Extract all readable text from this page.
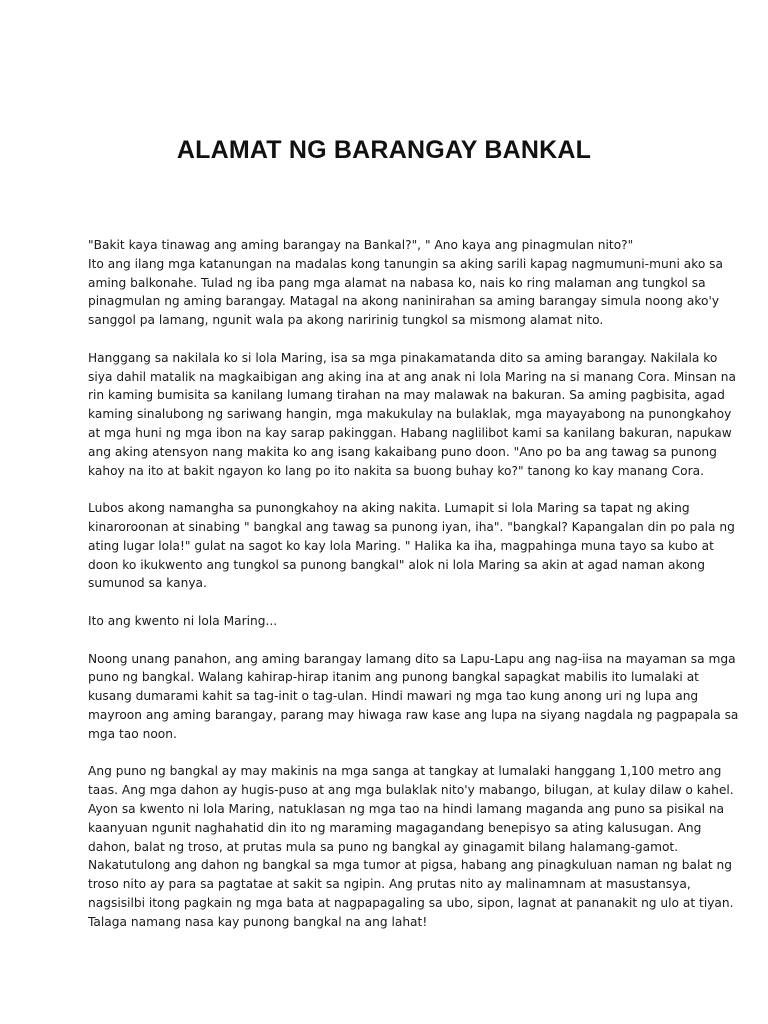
ALAMAT NG BARANGAY BANKAL
"Bakit kaya tinawag ang aming barangay na Bankal?", " Ano kaya ang pinagmulan nito?"
Ito ang ilang mga katanungan na madalas kong tanungin sa aking sarili kapag nagmumuni-muni ako sa
aming balkonahe. Tulad ng iba pang mga alamat na nabasa ko, nais ko ring malaman ang tungkol sa
pinagmulan ng aming barangay. Matagal na akong naninirahan sa aming barangay simula noong ako'y
sanggol pa lamang, ngunit wala pa akong naririnig tungkol sa mismong alamat nito.
Hanggang sa nakilala ko si lola Maring, isa sa mga pinakamatanda dito sa aming barangay. Nakilala ko
siya dahil matalik na magkaibigan ang aking ina at ang anak ni lola Maring na si manang Cora. Minsan na
rin kaming bumisita sa kanilang lumang tirahan na may malawak na bakuran. Sa aming pagbisita, agad
kaming sinalubong ng sariwang hangin, mga makukulay na bulaklak, mga mayayabong na punongkahoy
at mga huni ng mga ibon na kay sarap pakinggan. Habang naglilibot kami sa kanilang bakuran, napukaw
ang aking atensyon nang makita ko ang isang kakaibang puno doon. "Ano po ba ang tawag sa punong
kahoy na ito at bakit ngayon ko lang po ito nakita sa buong buhay ko?" tanong ko kay manang Cora.
Lubos akong namangha sa punongkahoy na aking nakita. Lumapit si lola Maring sa tapat ng aking
kinaroroonan at sinabing " bangkal ang tawag sa punong iyan, iha". "bangkal? Kapangalan din po pala ng
ating lugar lola!" gulat na sagot ko kay lola Maring. " Halika ka iha, magpahinga muna tayo sa kubo at
doon ko ikukwento ang tungkol sa punong bangkal" alok ni lola Maring sa akin at agad naman akong
sumunod sa kanya.
Ito ang kwento ni lola Maring...
Noong unang panahon, ang aming barangay lamang dito sa Lapu-Lapu ang nag-iisa na mayaman sa mga
puno ng bangkal. Walang kahirap-hirap itanim ang punong bangkal sapagkat mabilis ito lumalaki at
kusang dumarami kahit sa tag-init o tag-ulan. Hindi mawari ng mga tao kung anong uri ng lupa ang
mayroon ang aming barangay, parang may hiwaga raw kase ang lupa na siyang nagdala ng pagpapala sa
mga tao noon.
Ang puno ng bangkal ay may makinis na mga sanga at tangkay at lumalaki hanggang 1,100 metro ang
taas. Ang mga dahon ay hugis-puso at ang mga bulaklak nito'y mabango, bilugan, at kulay dilaw o kahel.
Ayon sa kwento ni lola Maring, natuklasan ng mga tao na hindi lamang maganda ang puno sa pisikal na
kaanyuan ngunit naghahatid din ito ng maraming magagandang benepisyo sa ating kalusugan. Ang
dahon, balat ng troso, at prutas mula sa puno ng bangkal ay ginagamit bilang halamang-gamot.
Nakatutulong ang dahon ng bangkal sa mga tumor at pigsa, habang ang pinagkuluan naman ng balat ng
troso nito ay para sa pagtatae at sakit sa ngipin. Ang prutas nito ay malinamnam at masustansya,
nagsisilbi itong pagkain ng mga bata at nagpapagaling sa ubo, sipon, lagnat at pananakit ng ulo at tiyan.
Talaga namang nasa kay punong bangkal na ang lahat!
